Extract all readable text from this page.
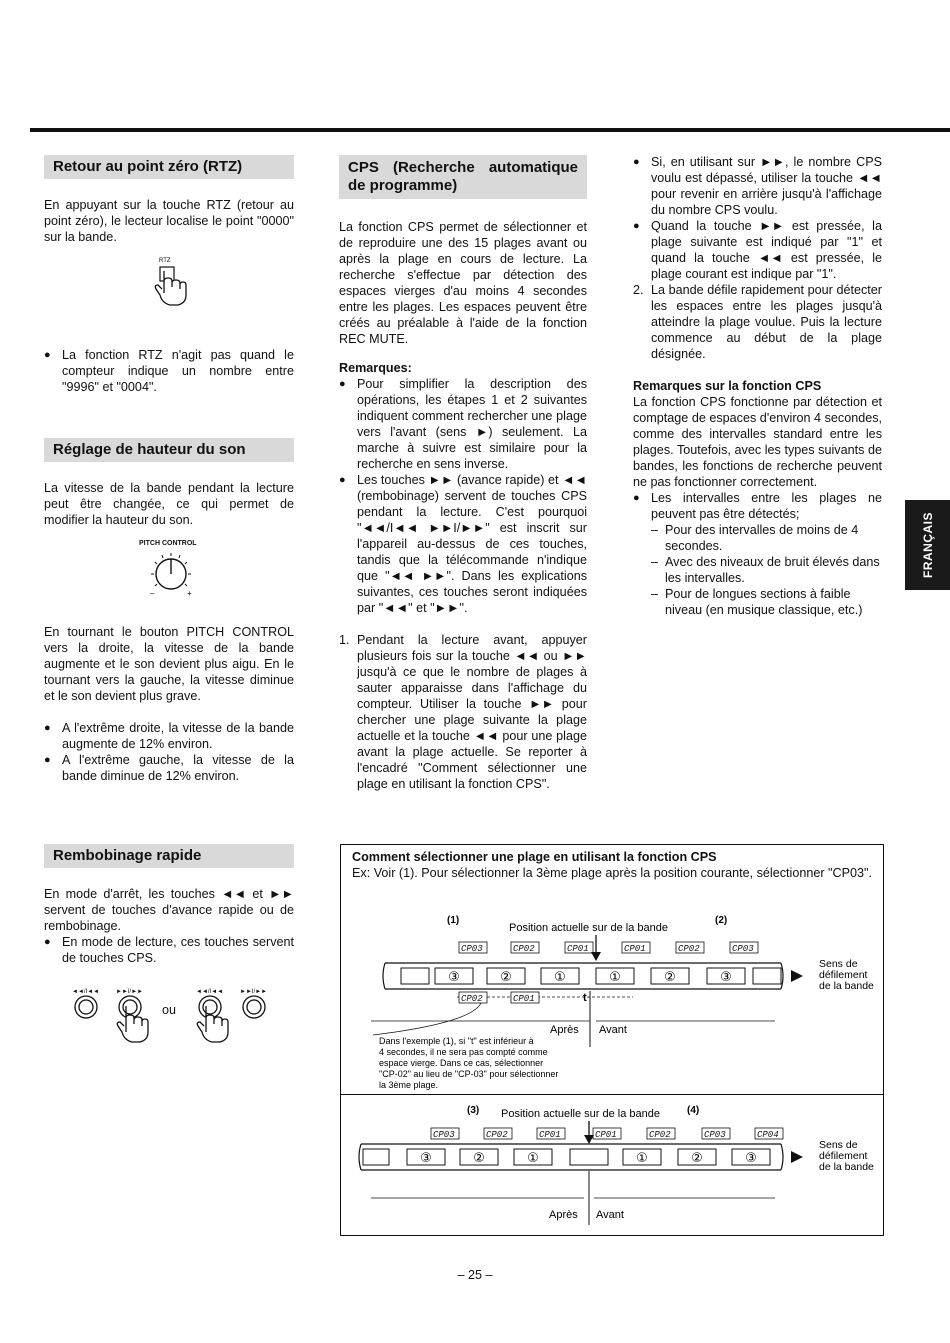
Retour au point zéro (RTZ)

En appuyant sur la touche RTZ (retour au point zéro), le lecteur localise le point "0000" sur la bande.

RTZ
● La fonction RTZ n'agit pas quand le compteur indique un nombre entre "9996" et "0004".
Réglage de hauteur du son

La vitesse de la bande pendant la lecture peut être changée, ce qui permet de modifier la hauteur du son.

PITCH CONTROL
–	+

En tournant le bouton PITCH CONTROL vers la droite, la vitesse de la bande augmente et le son devient plus aigu. En le tournant vers la gauche, la vitesse diminue et le son devient plus grave.

● A l'extrême droite, la vitesse de la bande augmente de 12% environ.
● A l'extrême gauche, la vitesse de la bande diminue de 12% environ.
Rembobinage rapide

En mode d'arrêt, les touches ◄◄ et ►► servent de touches d'avance rapide ou de rembobinage.

● En mode de lecture, ces touches servent de touches CPS.
◄◄/I◄◄	►►I/►►	◄◄/I◄◄	►►I/►►
ou
CPS (Recherche automatique de programme)

La fonction CPS permet de sélectionner et de reproduire une des 15 plages avant ou après la plage en cours de lecture. La recherche s'effectue par détection des espaces vierges d'au moins 4 secondes entre les plages. Les espaces peuvent être créés au préalable à l'aide de la fonction REC MUTE.

Remarques:

● Pour simplifier la description des opérations, les étapes 1 et 2 suivantes indiquent comment rechercher une plage vers l'avant (sens ►) seulement. La marche à suivre est similaire pour la recherche en sens inverse.
● Les touches ►► (avance rapide) et ◄◄ (rembobinage) servent de touches CPS pendant la lecture. C'est pourquoi "◄◄/I◄◄ ►►I/►►" est inscrit sur l'appareil au-dessus de ces touches, tandis que la télécommande n'indique que "◄◄ ►►". Dans les explications suivantes, ces touches seront indiquées par "◄◄" et "►►".
1. Pendant la lecture avant, appuyer plusieurs fois sur la touche ◄◄ ou ►► jusqu'à ce que le nombre de plages à sauter apparaisse dans l'affichage du compteur. Utiliser la touche ►► pour chercher une plage suivante la plage actuelle et la touche ◄◄ pour une plage avant la plage actuelle. Se reporter à l'encadré "Comment sélectionner une plage en utilisant la fonction CPS".
● Si, en utilisant sur ►►, le nombre CPS voulu est dépassé, utiliser la touche ◄◄ pour revenir en arrière jusqu'à l'affichage du nombre CPS voulu.
● Quand la touche ►► est pressée, la plage suivante est indiqué par "1" et quand la touche ◄◄ est pressée, le plage courant est indique par "1".
2. La bande défile rapidement pour détecter les espaces entre les plages jusqu'à atteindre la plage voulue. Puis la lecture commence au début de la plage désignée.

Remarques sur la fonction CPS

La fonction CPS fonctionne par détection et comptage de espaces d'environ 4 secondes, comme des intervalles standard entre les plages. Toutefois, avec les types suivants de bandes, les fonctions de recherche peuvent ne pas fonctionner correctement.

● Les intervalles entre les plages ne peuvent pas être détectés;
– Pour des intervalles de moins de 4 secondes.
– Avec des niveaux de bruit élevés dans les intervalles.
– Pour de longues sections à faible niveau (en musique classique, etc.)
FRANÇAIS
Comment sélectionner une plage en utilisant la fonction CPS
Ex: Voir (1). Pour sélectionner la 3ème plage après la position courante, sélectionner "CP03".
(1)	(2)
Position actuelle sur de la bande
CP03	CP02	CP01	CP01	CP02	CP03
③	②	①	①	②	③
Sens de
défilement
de la bande
CP02	CP01	t
Après Avant
Dans l'exemple (1), si "t" est inférieur à
4 secondes, il ne sera pas compté comme
espace vierge. Dans ce cas, sélectionner
"CP-02" au lieu de "CP-03" pour sélectionner
la 3ème plage.
(3)	(4)
Position actuelle sur de la bande
CP03	CP02	CP01	CP01	CP02	CP03	CP04
③	②	①	①	②	③
Sens de
défilement
de la bande
Après Avant
– 25 –
